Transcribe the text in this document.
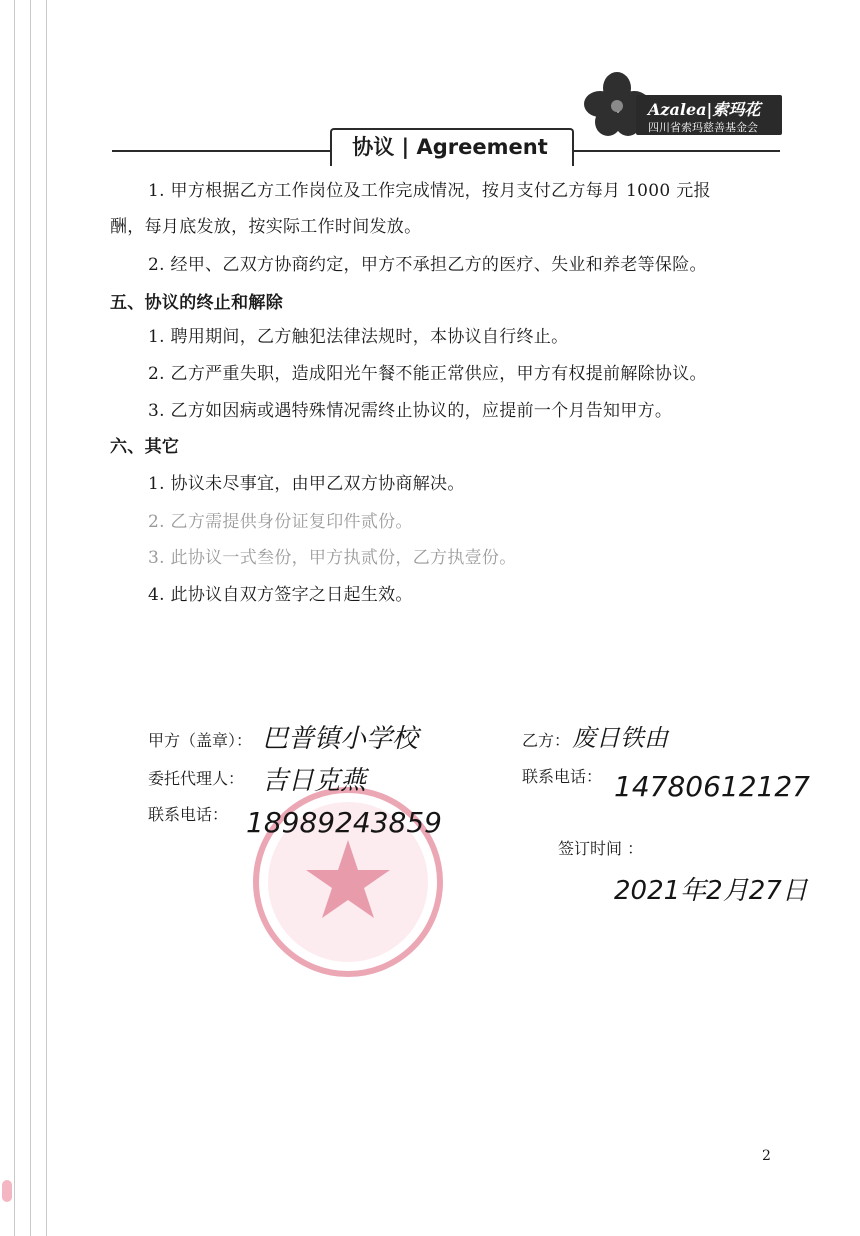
协议 | Agreement
Azalea|索玛花
四川省索玛慈善基金会
1. 甲方根据乙方工作岗位及工作完成情况，按月支付乙方每月 1000 元报
酬，每月底发放，按实际工作时间发放。
2. 经甲、乙双方协商约定，甲方不承担乙方的医疗、失业和养老等保险。
五、协议的终止和解除
1. 聘用期间，乙方触犯法律法规时，本协议自行终止。
2. 乙方严重失职，造成阳光午餐不能正常供应，甲方有权提前解除协议。
3. 乙方如因病或遇特殊情况需终止协议的，应提前一个月告知甲方。
六、其它
1. 协议未尽事宜，由甲乙双方协商解决。
2. 乙方需提供身份证复印件贰份。
3. 此协议一式叁份，甲方执贰份，乙方执壹份。
4. 此协议自双方签字之日起生效。
甲方（盖章）： 巴普镇小学校
委托代理人： 吉日克燕
联系电话： 18989243859
乙方： 废日铁由
联系电话： 14780612127
签订时间 ：
2021年2月27日
2
